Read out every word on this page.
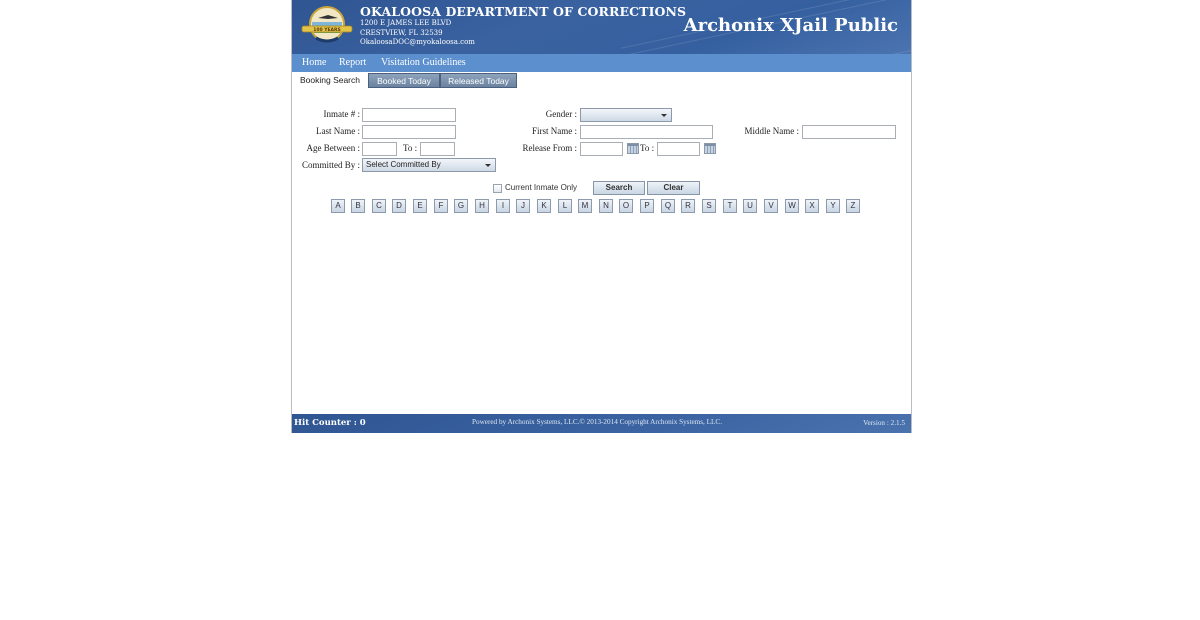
100 YEARS
OKALOOSA DEPARTMENT OF CORRECTIONS
1200 E JAMES LEE BLVD
CRESTVIEW, FL 32539
OkaloosaDOC@myokaloosa.com
Archonix XJail Public
Home Report Visitation Guidelines
Booking Search	Booked Today	Released Today
Inmate # :
Last Name :
Age Between :	To :
Committed By : Select Committed By
Gender :
First Name :
Release From :	To :
Middle Name :
Current Inmate Only	Search	Clear
A	B	C	D	E	F	G	H	I	J	K	L	M	N	O	P	Q	R	S	T	U	V	W	X	Y	Z
Hit Counter : 0	Powered by Archonix Systems, LLC.© 2013-2014 Copyright Archonix Systems, LLC.	Version : 2.1.5
